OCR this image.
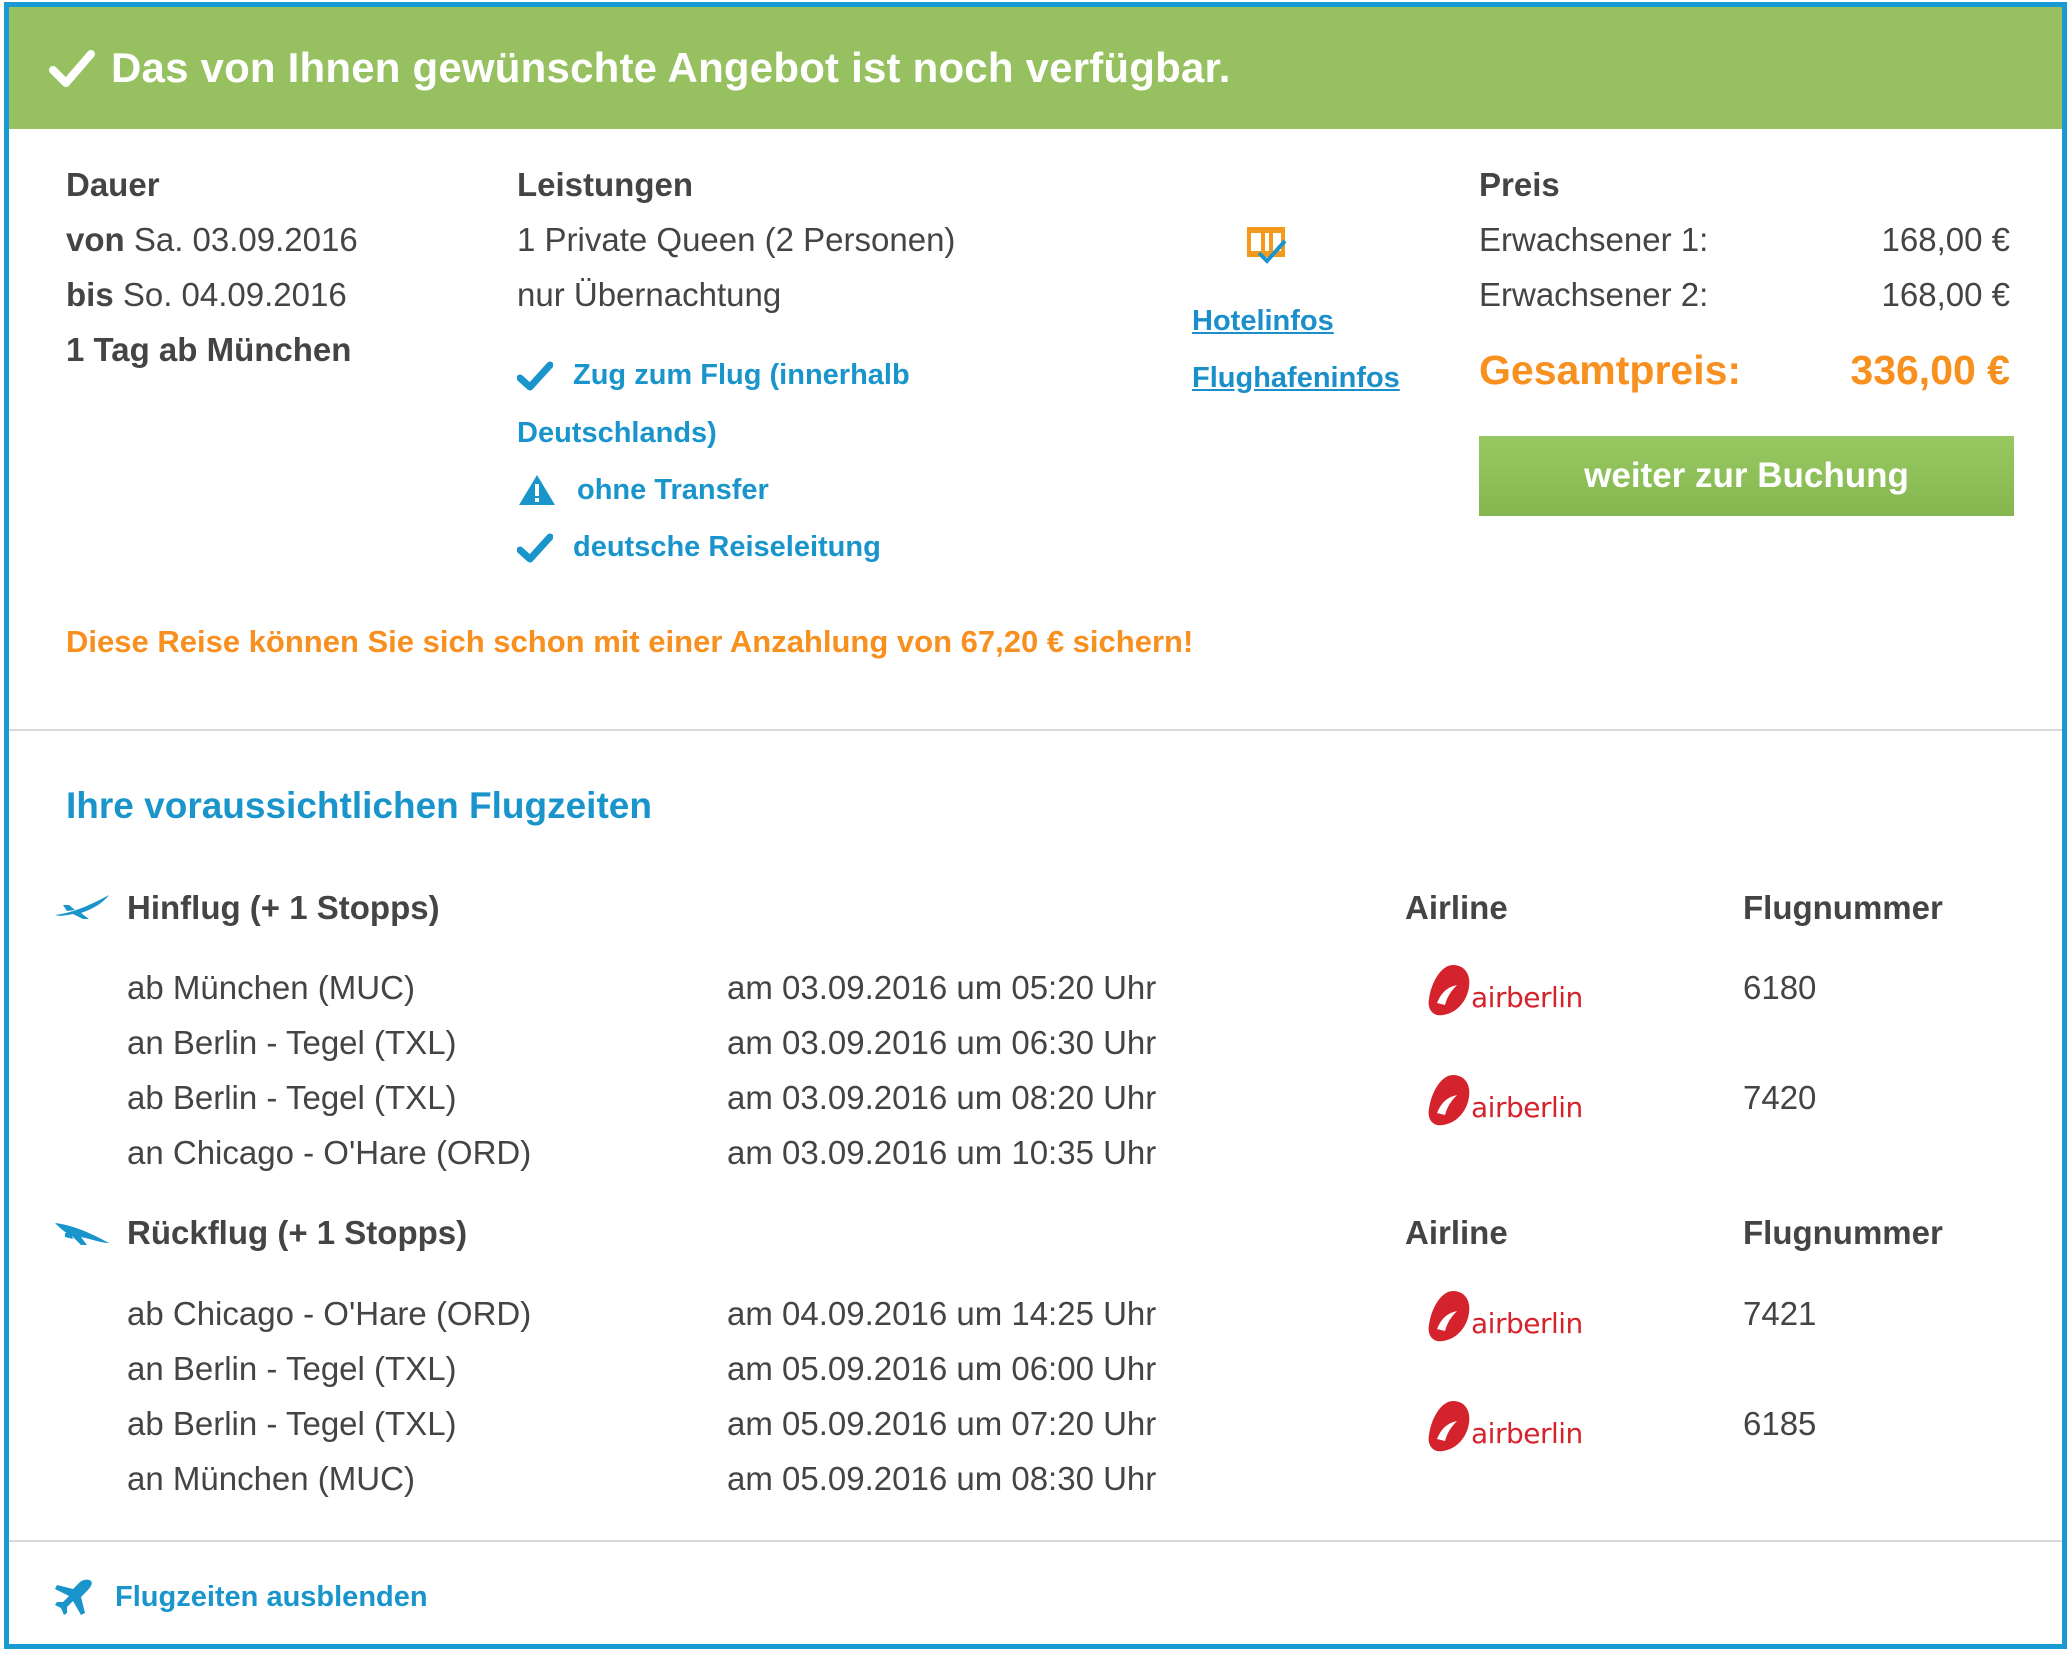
Das von Ihnen gewünschte Angebot ist noch verfügbar.
Dauer
von Sa. 03.09.2016
bis So. 04.09.2016
1 Tag ab München
Leistungen
1 Private Queen (2 Personen)
nur Übernachtung
Zug zum Flug (innerhalb
Deutschlands)
ohne Transfer
deutsche Reiseleitung
Hotelinfos
Flughafeninfos
Preis
Erwachsener 1:	168,00 €
Erwachsener 2:	168,00 €
Gesamtpreis:	336,00 €
weiter zur Buchung
Diese Reise können Sie sich schon mit einer Anzahlung von 67,20 € sichern!
Ihre voraussichtlichen Flugzeiten
Hinflug (+ 1 Stopps)	Airline	Flugnummer
ab München (MUC)	am 03.09.2016 um 05:20 Uhr	6180
an Berlin - Tegel (TXL)	am 03.09.2016 um 06:30 Uhr
ab Berlin - Tegel (TXL)	am 03.09.2016 um 08:20 Uhr	7420
an Chicago - O'Hare (ORD)	am 03.09.2016 um 10:35 Uhr
Rückflug (+ 1 Stopps)	Airline	Flugnummer
ab Chicago - O'Hare (ORD)	am 04.09.2016 um 14:25 Uhr	7421
an Berlin - Tegel (TXL)	am 05.09.2016 um 06:00 Uhr
ab Berlin - Tegel (TXL)	am 05.09.2016 um 07:20 Uhr	6185
an München (MUC)	am 05.09.2016 um 08:30 Uhr
airberlin
airberlin
airberlin
airberlin
Flugzeiten ausblenden
